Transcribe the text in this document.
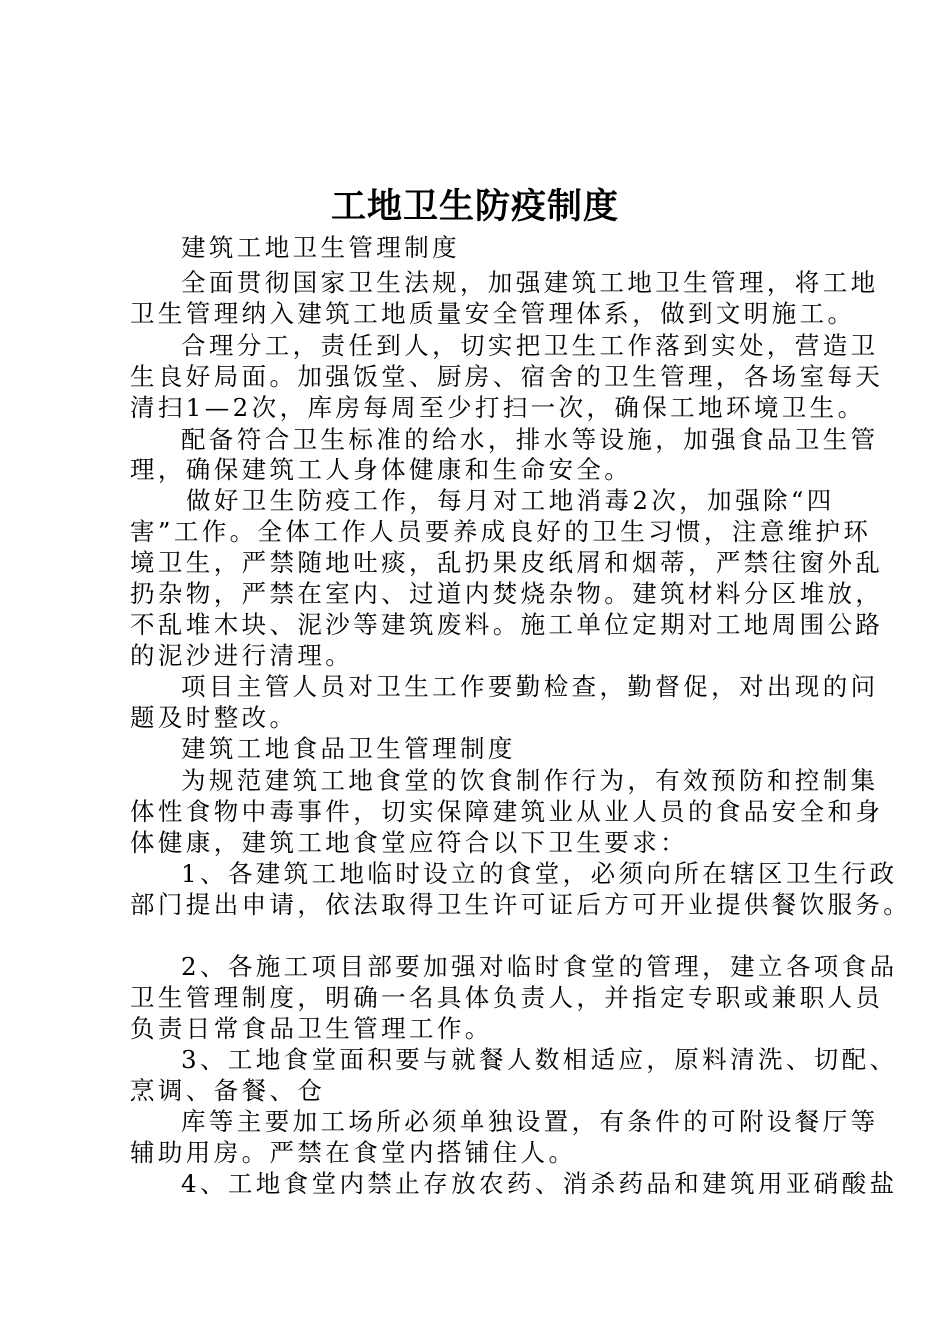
工地卫生防疫制度
建筑工地卫生管理制度
全面贯彻国家卫生法规，加强建筑工地卫生管理，将工地
卫生管理纳入建筑工地质量安全管理体系，做到文明施工。
合理分工，责任到人，切实把卫生工作落到实处，营造卫
生良好局面。加强饭堂、厨房、宿舍的卫生管理，各场室每天
清扫1—2次，库房每周至少打扫一次，确保工地环境卫生。
配备符合卫生标准的给水，排水等设施，加强食品卫生管
理，确保建筑工人身体健康和生命安全。
做好卫生防疫工作，每月对工地消毒2次，加强除“四
害”工作。全体工作人员要养成良好的卫生习惯，注意维护环
境卫生，严禁随地吐痰，乱扔果皮纸屑和烟蒂，严禁往窗外乱
扔杂物，严禁在室内、过道内焚烧杂物。建筑材料分区堆放，
不乱堆木块、泥沙等建筑废料。施工单位定期对工地周围公路
的泥沙进行清理。
项目主管人员对卫生工作要勤检查，勤督促，对出现的问
题及时整改。
建筑工地食品卫生管理制度
为规范建筑工地食堂的饮食制作行为，有效预防和控制集
体性食物中毒事件，切实保障建筑业从业人员的食品安全和身
体健康，建筑工地食堂应符合以下卫生要求：
1、各建筑工地临时设立的食堂，必须向所在辖区卫生行政
部门提出申请，依法取得卫生许可证后方可开业提供餐饮服务。
2、各施工项目部要加强对临时食堂的管理，建立各项食品
卫生管理制度，明确一名具体负责人，并指定专职或兼职人员
负责日常食品卫生管理工作。
3、工地食堂面积要与就餐人数相适应，原料清洗、切配、
烹调、备餐、仓
库等主要加工场所必须单独设置，有条件的可附设餐厅等
辅助用房。严禁在食堂内搭铺住人。
4、工地食堂内禁止存放农药、消杀药品和建筑用亚硝酸盐
